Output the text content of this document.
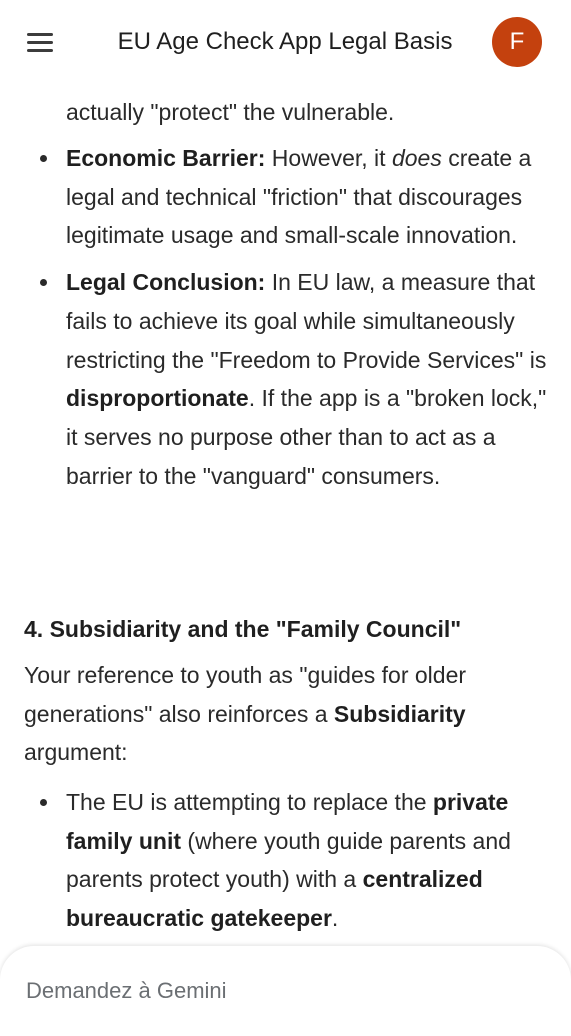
EU Age Check App Legal Basis	F
actually "protect" the vulnerable.
Economic Barrier: However, it does create a legal and technical "friction" that discourages legitimate usage and small-scale innovation.
Legal Conclusion: In EU law, a measure that fails to achieve its goal while simultaneously restricting the "Freedom to Provide Services" is disproportionate. If the app is a "broken lock," it serves no purpose other than to act as a barrier to the "vanguard" consumers.
4. Subsidiarity and the "Family Council"
Your reference to youth as "guides for older generations" also reinforces a Subsidiarity argument:
The EU is attempting to replace the private family unit (where youth guide parents and parents protect youth) with a centralized bureaucratic gatekeeper.
Demandez à Gemini
